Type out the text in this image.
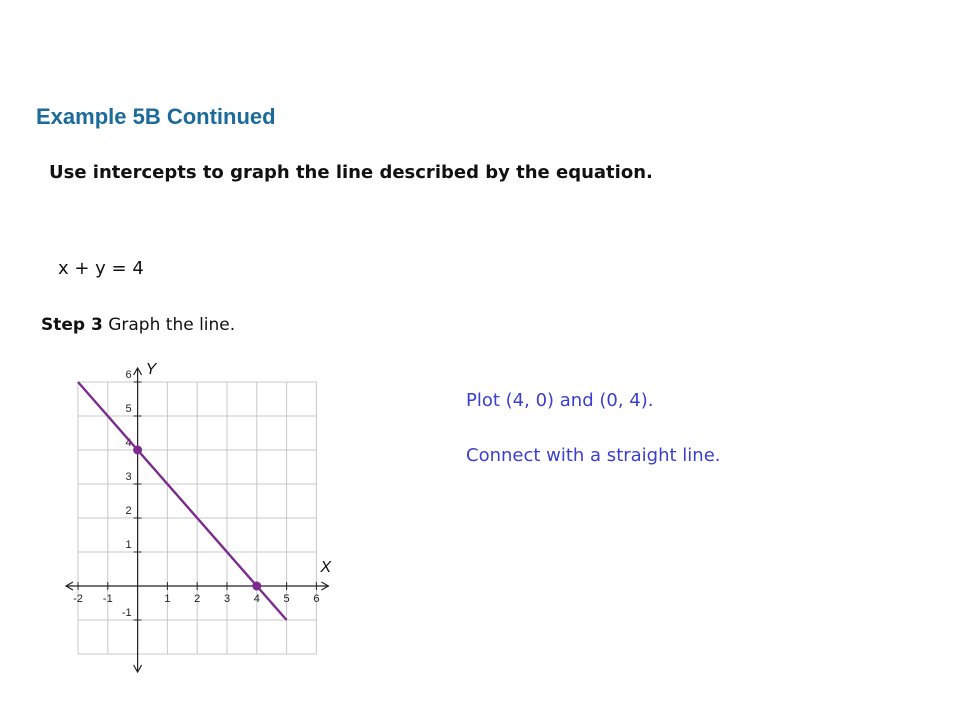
Example 5B Continued
Use intercepts to graph the line described by the equation.
x + y = 4
Step 3 Graph the line.
Plot (4, 0) and (0, 4).
Connect with a straight line.
X
Y
-2 -1	1 2 3 4 5 6
-1
1
2
3
4
5
6
